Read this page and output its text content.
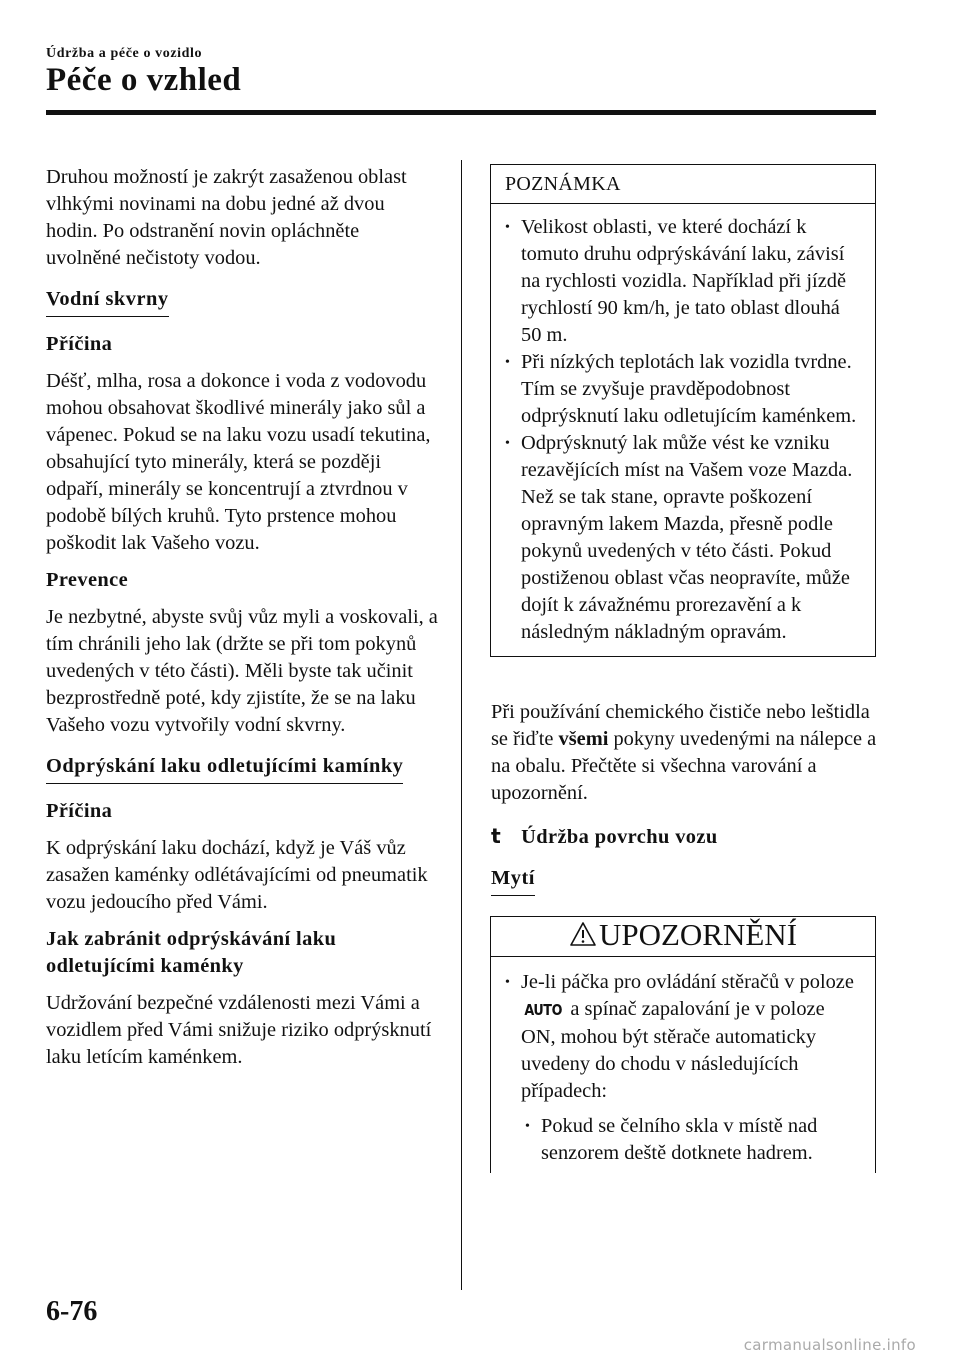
Údržba a péče o vozidlo
Péče o vzhled

Druhou možností je zakrýt zasaženou oblast vlhkými novinami na dobu jedné až dvou hodin. Po odstranění novin opláchněte uvolněné nečistoty vodou.

Vodní skvrny
Příčina

Déšť, mlha, rosa a dokonce i voda z vodovodu mohou obsahovat škodlivé minerály jako sůl a vápenec. Pokud se na laku vozu usadí tekutina, obsahující tyto minerály, která se později odpaří, minerály se koncentrují a ztvrdnou v podobě bílých kruhů. Tyto prstence mohou poškodit lak Vašeho vozu.

Prevence

Je nezbytné, abyste svůj vůz myli a voskovali, a tím chránili jeho lak (držte se při tom pokynů uvedených v této části). Měli byste tak učinit bezprostředně poté, kdy zjistíte, že se na laku Vašeho vozu vytvořily vodní skvrny.

Odprýskání laku odletujícími kamínky
Příčina

K odprýskání laku dochází, když je Váš vůz zasažen kaménky odlétávajícími od pneumatik vozu jedoucího před Vámi.

Jak zabránit odprýskávání laku odletujícími kaménky

Udržování bezpečné vzdálenosti mezi Vámi a vozidlem před Vámi snižuje riziko odprýsknutí laku letícím kaménkem.

POZNÁMKA
• Velikost oblasti, ve které dochází k tomuto druhu odprýskávání laku, závisí na rychlosti vozidla. Například při jízdě rychlostí 90 km/h, je tato oblast dlouhá 50 m.
• Při nízkých teplotách lak vozidla tvrdne. Tím se zvyšuje pravděpodobnost odprýsknutí laku odletujícím kaménkem.
• Odprýsknutý lak může vést ke vzniku rezavějících míst na Vašem voze Mazda. Než se tak stane, opravte poškození opravným lakem Mazda, přesně podle pokynů uvedených v této části. Pokud postiženou oblast včas neopravíte, může dojít k závažnému prorezavění a k následným nákladným opravám.

Při používání chemického čističe nebo leštidla se řiďte všemi pokyny uvedenými na nálepce a na obalu. Přečtěte si všechna varování a upozornění.

t Údržba povrchu vozu
Mytí
UPOZORNĚNÍ
• Je-li páčka pro ovládání stěračů v poloze AUTO a spínač zapalování je v poloze ON, mohou být stěrače automaticky uvedeny do chodu v následujících případech:
• Pokud se čelního skla v místě nad senzorem deště dotknete hadrem.
6-76
carmanualsonline.info
